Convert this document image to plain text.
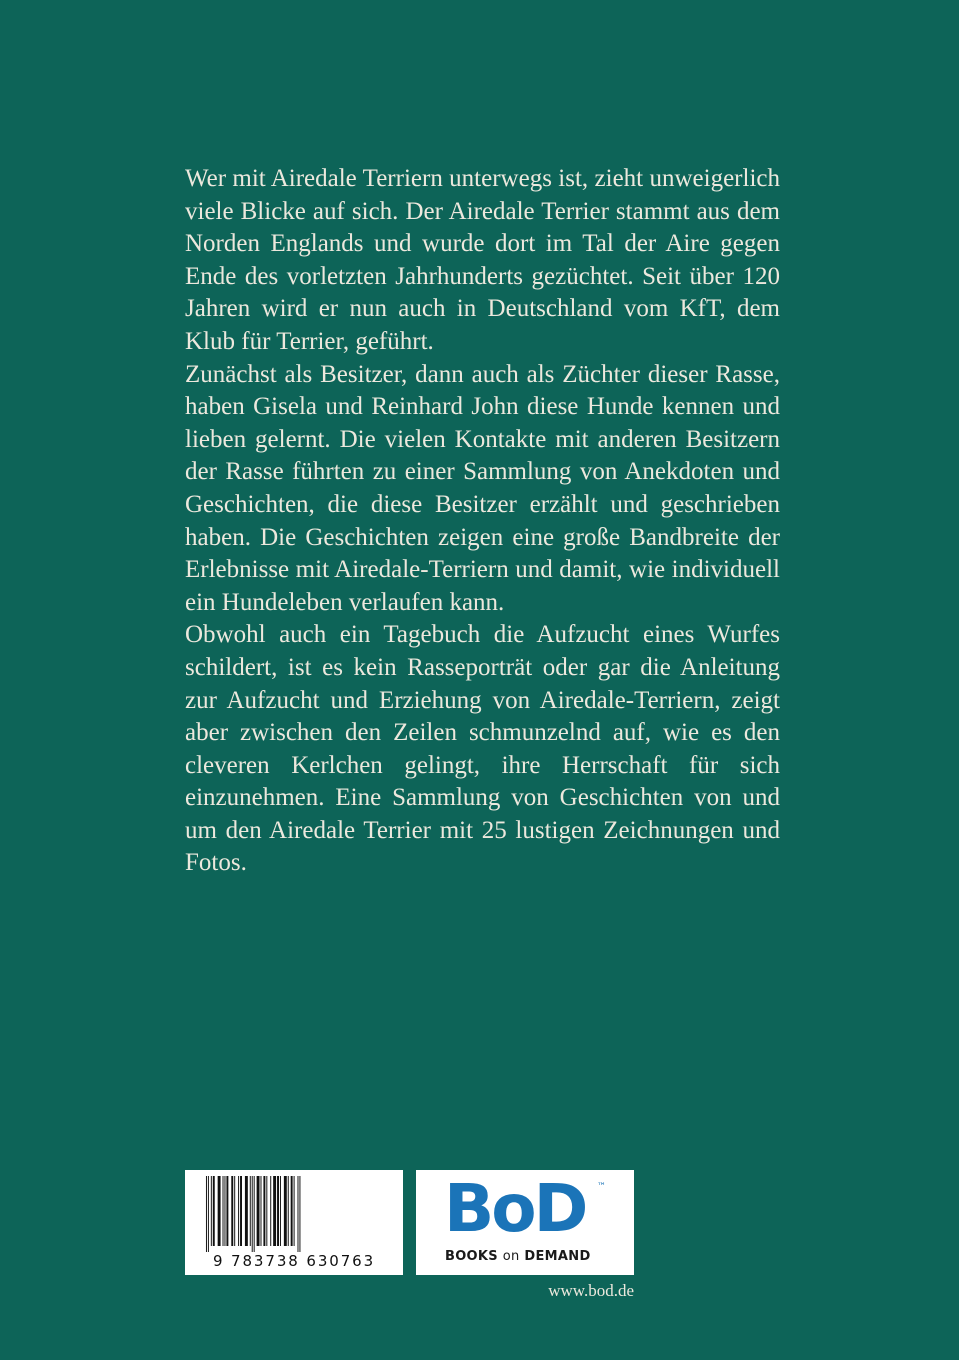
Wer mit Airedale Terriern unterwegs ist, zieht unweigerlich viele Blicke auf sich. Der Airedale Terrier stammt aus dem Norden Englands und wurde dort im Tal der Aire gegen Ende des vorletzten Jahrhunderts gezüchtet. Seit über 120 Jahren wird er nun auch in Deutschland vom KfT, dem Klub für Terrier, geführt.

Zunächst als Besitzer, dann auch als Züchter dieser Rasse, haben Gisela und Reinhard John diese Hunde kennen und lieben gelernt. Die vielen Kontakte mit anderen Besitzern der Rasse führten zu einer Sammlung von Anekdoten und Geschichten, die diese Besitzer erzählt und geschrieben haben. Die Geschichten zeigen eine große Bandbreite der Erlebnisse mit Airedale-Terriern und damit, wie individuell ein Hundeleben verlaufen kann.

Obwohl auch ein Tagebuch die Aufzucht eines Wurfes schildert, ist es kein Rasseporträt oder gar die Anleitung zur Aufzucht und Erziehung von Airedale-Terriern, zeigt aber zwischen den Zeilen schmunzelnd auf, wie es den cleveren Kerlchen gelingt, ihre Herrschaft für sich einzunehmen. Eine Sammlung von Geschichten von und um den Airedale Terrier mit 25 lustigen Zeichnungen und Fotos.

9 783738 630763
BoD ™
BOOKS on DEMAND
www.bod.de
